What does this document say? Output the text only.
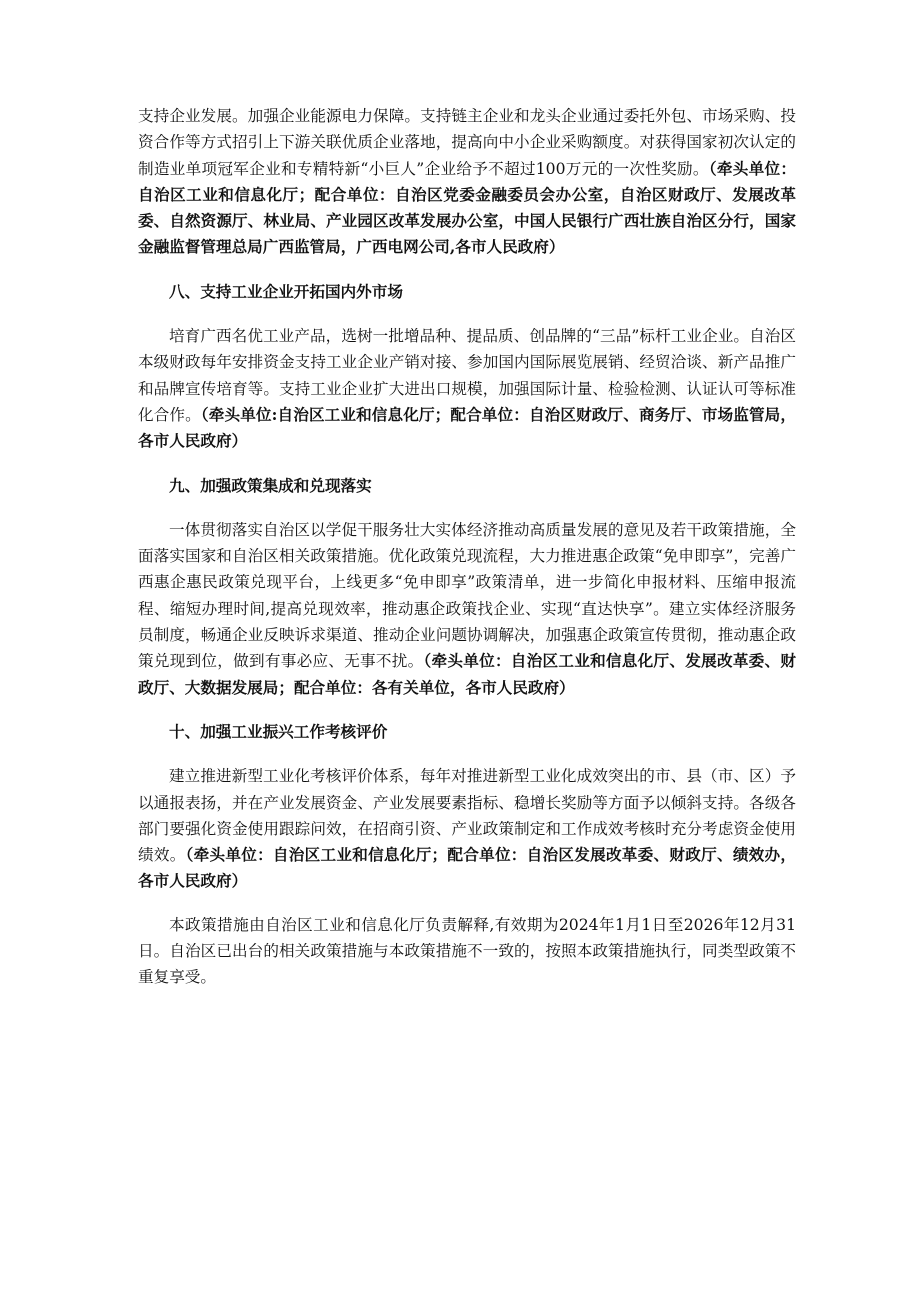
支持企业发展。加强企业能源电力保障。支持链主企业和龙头企业通过委托外包、市场采购、投资合作等方式招引上下游关联优质企业落地，提高向中小企业采购额度。对获得国家初次认定的制造业单项冠军企业和专精特新“小巨人”企业给予不超过100万元的一次性奖励。（牵头单位：自治区工业和信息化厅；配合单位：自治区党委金融委员会办公室，自治区财政厅、发展改革委、自然资源厅、林业局、产业园区改革发展办公室，中国人民银行广西壮族自治区分行，国家金融监督管理总局广西监管局，广西电网公司,各市人民政府）

八、支持工业企业开拓国内外市场

培育广西名优工业产品，选树一批增品种、提品质、创品牌的“三品”标杆工业企业。自治区本级财政每年安排资金支持工业企业产销对接、参加国内国际展览展销、经贸洽谈、新产品推广和品牌宣传培育等。支持工业企业扩大进出口规模，加强国际计量、检验检测、认证认可等标准化合作。（牵头单位:自治区工业和信息化厅；配合单位：自治区财政厅、商务厅、市场监管局，各市人民政府）

九、加强政策集成和兑现落实

一体贯彻落实自治区以学促干服务壮大实体经济推动高质量发展的意见及若干政策措施，全面落实国家和自治区相关政策措施。优化政策兑现流程，大力推进惠企政策“免申即享”，完善广西惠企惠民政策兑现平台，上线更多“免申即享”政策清单，进一步简化申报材料、压缩申报流程、缩短办理时间,提高兑现效率，推动惠企政策找企业、实现“直达快享”。建立实体经济服务员制度，畅通企业反映诉求渠道、推动企业问题协调解决，加强惠企政策宣传贯彻，推动惠企政策兑现到位，做到有事必应、无事不扰。（牵头单位：自治区工业和信息化厅、发展改革委、财政厅、大数据发展局；配合单位：各有关单位，各市人民政府）

十、加强工业振兴工作考核评价

建立推进新型工业化考核评价体系，每年对推进新型工业化成效突出的市、县（市、区）予以通报表扬，并在产业发展资金、产业发展要素指标、稳增长奖励等方面予以倾斜支持。各级各部门要强化资金使用跟踪问效，在招商引资、产业政策制定和工作成效考核时充分考虑资金使用绩效。（牵头单位：自治区工业和信息化厅；配合单位：自治区发展改革委、财政厅、绩效办，各市人民政府）

本政策措施由自治区工业和信息化厅负责解释,有效期为2024年1月1日至2026年12月31日。自治区已出台的相关政策措施与本政策措施不一致的，按照本政策措施执行，同类型政策不重复享受。
